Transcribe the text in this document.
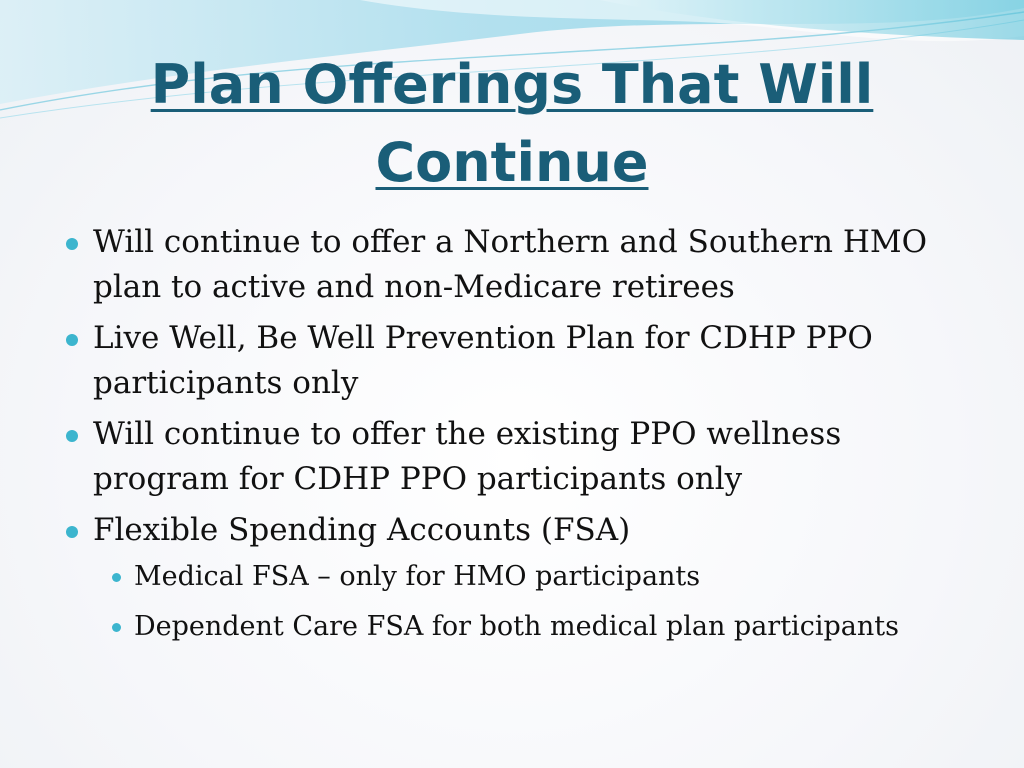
Plan Offerings That Will Continue
Will continue to offer a Northern and Southern HMO plan to active and non-Medicare retirees
Live Well, Be Well Prevention Plan for CDHP PPO participants only
Will continue to offer the existing PPO wellness program for CDHP PPO participants only
Flexible Spending Accounts (FSA)
Medical FSA – only for HMO participants
Dependent Care FSA for both medical plan participants
